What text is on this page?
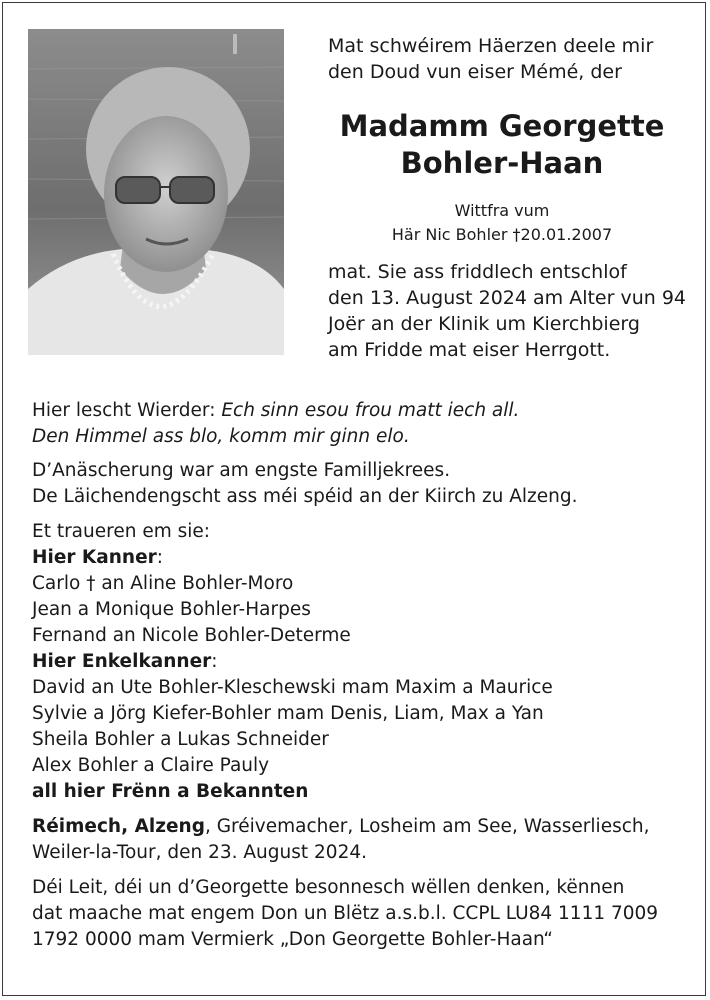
Mat schwéirem Häerzen deele mir
den Doud vun eiser Mémé, der
Madamm Georgette
Bohler-Haan
Wittfra vum
Här Nic Bohler †20.01.2007
mat. Sie ass friddlech entschlof
den 13. August 2024 am Alter vun 94
Joër an der Klinik um Kierchbierg
am Fridde mat eiser Herrgott.
Hier lescht Wierder: Ech sinn esou frou matt iech all.
Den Himmel ass blo, komm mir ginn elo.
D’Anäscherung war am engste Familljekrees.
De Läichendengscht ass méi spéid an der Kiirch zu Alzeng.
Et traueren em sie:
Hier Kanner:
Carlo † an Aline Bohler-Moro
Jean a Monique Bohler-Harpes
Fernand an Nicole Bohler-Determe
Hier Enkelkanner:
David an Ute Bohler-Kleschewski mam Maxim a Maurice
Sylvie a Jörg Kiefer-Bohler mam Denis, Liam, Max a Yan
Sheila Bohler a Lukas Schneider
Alex Bohler a Claire Pauly
all hier Frënn a Bekannten
Réimech, Alzeng, Gréivemacher, Losheim am See, Wasserliesch,
Weiler-la-Tour, den 23. August 2024.
Déi Leit, déi un d’Georgette besonnesch wëllen denken, kënnen
dat maache mat engem Don un Blëtz a.s.b.l. CCPL LU84 1111 7009
1792 0000 mam Vermierk „Don Georgette Bohler-Haan“
